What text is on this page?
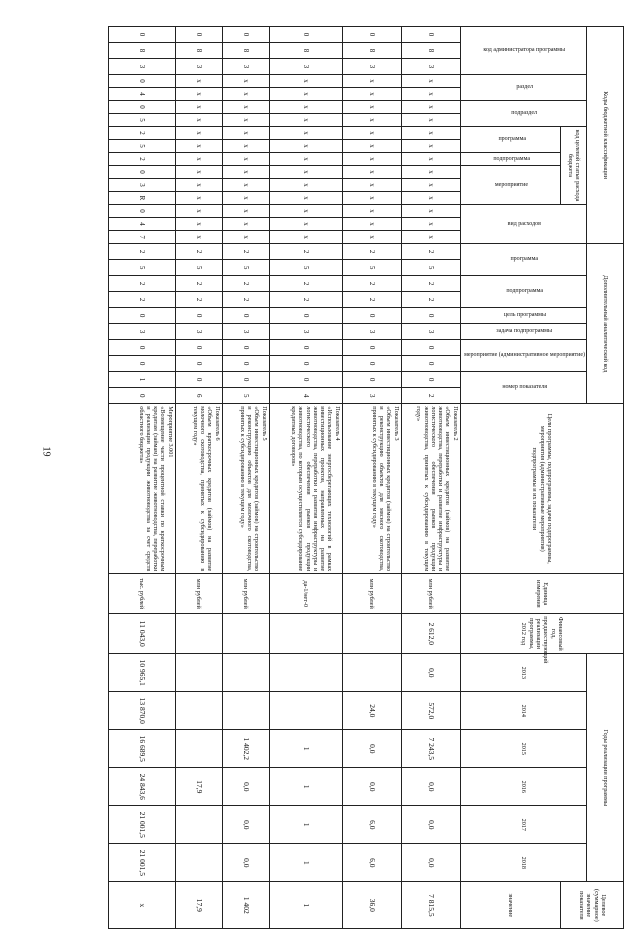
19
Коды бюджетной классификации																Дополнительный аналитический код										Цели программы, подпрограммы, задачи подпрограммы, мероприятия (административные мероприятия) подпрограммы и их показатели	Единица измерения	Финансовый год, предшествующий реализации программы, 2012 год	Годы реализации программы						Целевое (суммарное) значение показателя
код администратора программы			раздел		подраздел		код целевой статьи расхода бюджета						вид расходов			программа		подпрограмма		цель программы	задача подпрограммы	мероприятие (административное мероприятие)		номер показателя					2013	2014	2015	2016	2017	2018	
							программа		подпрограмма	мероприятие																									значение
0	8	3	x	x	x	x	x	x	x	x	x	x	x	x	x	2	5	2	2	0	3	0	0	0	2	Показатель 2
«Объем инвестиционных кредитов (займов) на развитие животноводства, переработки и развитие инфраструктуры и логистического обеспечения рынков продукции животноводства, принятых к субсидированию в текущем году»	млн рублей	2 612,0	0,0	572,0	7 243,5	0,0	0,0	0,0	7 815,5
0	8	3	x	x	x	x	x	x	x	x	x	x	x	x	x	2	5	2	2	0	3	0	0	0	3	Показатель 3
«Объем инвестиционных кредитов (займов) на строительство и реконструкцию объектов для мясного скотоводства, принятых к субсидированию в текущем году»	млн рублей			24,0	0,0	0,0	6,0	6,0	36,0
0	8	3	x	x	x	x	x	x	x	x	x	x	x	x	x	2	5	2	2	0	3	0	0	0	4	Показатель 4
«Использование энергосберегающих технологий в рамках инвестиционных проектов, направленных на развитие животноводства, переработки и развития инфраструктуры и логистического обеспечения рынков продукции животноводства, по которым осуществляется субсидирование кредитных договоров»	да-1/нет-0				1	1	1	1	1
0	8	3	x	x	x	x	x	x	x	x	x	x	x	x	x	2	5	2	2	0	3	0	0	0	5	Показатель 5
«Объем инвестиционных кредитов (займов) на строительство и реконструкцию объектов для молочного скотоводства, принятых к субсидированию в текущем году»	млн рублей				1 402,2	0,0	0,0	0,0	1 402
0	8	3	x	x	x	x	x	x	x	x	x	x	x	x	x	2	5	2	2	0	3	0	0	0	6	Показатель 6
«Объем краткосрочных кредитов (займов) на развитие молочного скотоводства, принятых к субсидированию в текущем году»	млн рублей					17,9			17,9
0	8	3	0	4	0	5	2	5	2	0	3	R	0	4	7	2	5	2	2	0	3	0	0	1	0	Мероприятие 3.001
«Возмещение части процентной ставки по краткосрочным кредитам (займам) на развитие животноводства, переработки и реализации продукции животноводства за счет средств областного бюджета»	тыс. рублей	11 043,0	10 965,1	13 870,0	16 689,5	24 843,6	21 001,5	21 001,5	x
